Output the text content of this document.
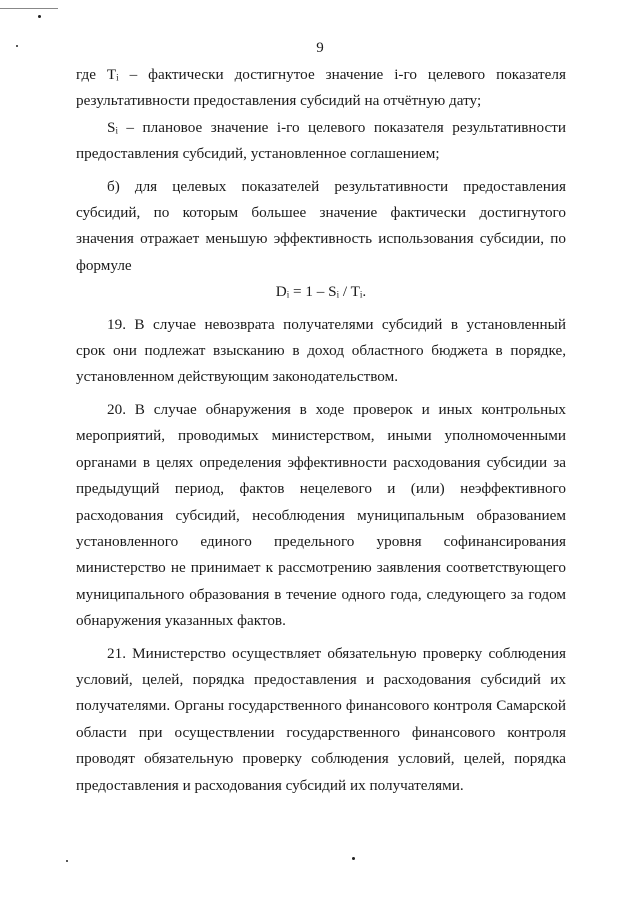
9

где Tᵢ – фактически достигнутое значение i-го целевого показателя результативности предоставления субсидий на отчётную дату;

Sᵢ – плановое значение i-го целевого показателя результативности предоставления субсидий, установленное соглашением;

б) для целевых показателей результативности предоставления субсидий, по которым большее значение фактически достигнутого значения отражает меньшую эффективность использования субсидии, по формуле

Dᵢ = 1 – Sᵢ / Tᵢ.

19. В случае невозврата получателями субсидий в установленный срок они подлежат взысканию в доход областного бюджета в порядке, установленном действующим законодательством.

20. В случае обнаружения в ходе проверок и иных контрольных мероприятий, проводимых министерством, иными уполномоченными органами в целях определения эффективности расходования субсидии за предыдущий период, фактов нецелевого и (или) неэффективного расходования субсидий, несоблюдения муниципальным образованием установленного единого предельного уровня софинансирования министерство не принимает к рассмотрению заявления соответствующего муниципального образования в течение одного года, следующего за годом обнаружения указанных фактов.

21. Министерство осуществляет обязательную проверку соблюдения условий, целей, порядка предоставления и расходования субсидий их получателями. Органы государственного финансового контроля Самарской области при осуществлении государственного финансового контроля проводят обязательную проверку соблюдения условий, целей, порядка предоставления и расходования субсидий их получателями.
